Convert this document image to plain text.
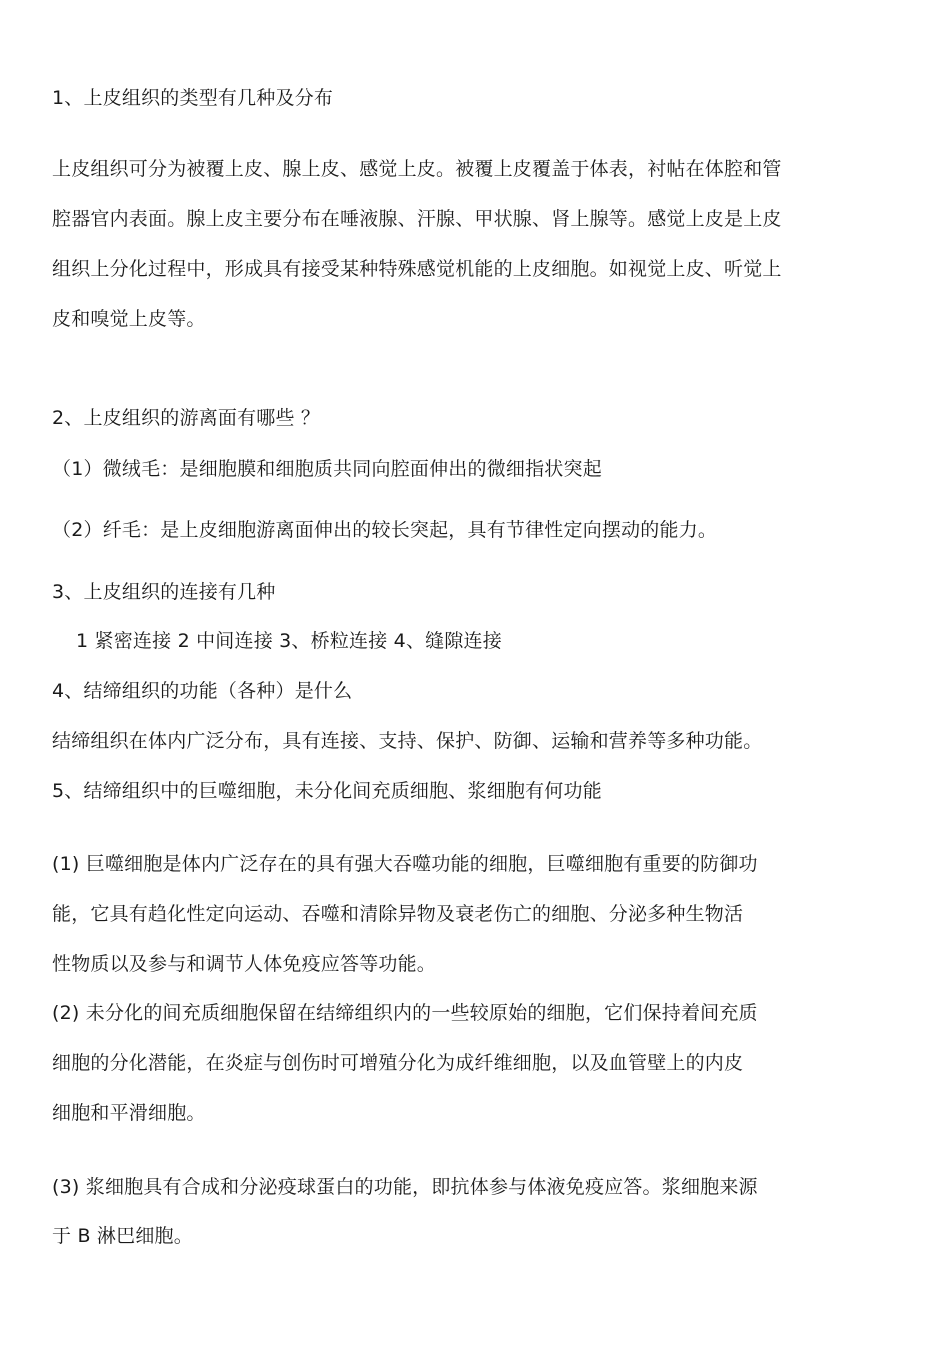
1、上皮组织的类型有几种及分布
上皮组织可分为被覆上皮、腺上皮、感觉上皮。被覆上皮覆盖于体表，衬帖在体腔和管
腔器官内表面。腺上皮主要分布在唾液腺、汗腺、甲状腺、肾上腺等。感觉上皮是上皮
组织上分化过程中，形成具有接受某种特殊感觉机能的上皮细胞。如视觉上皮、听觉上
皮和嗅觉上皮等。
2、上皮组织的游离面有哪些 ？
（1）微绒毛：是细胞膜和细胞质共同向腔面伸出的微细指状突起
（2）纤毛：是上皮细胞游离面伸出的较长突起，具有节律性定向摆动的能力。
3、上皮组织的连接有几种
1 紧密连接 2 中间连接 3、桥粒连接 4、缝隙连接
4、结缔组织的功能（各种）是什么
结缔组织在体内广泛分布，具有连接、支持、保护、防御、运输和营养等多种功能。
5、结缔组织中的巨噬细胞，未分化间充质细胞、浆细胞有何功能
(1) 巨噬细胞是体内广泛存在的具有强大吞噬功能的细胞，巨噬细胞有重要的防御功
能，它具有趋化性定向运动、吞噬和清除异物及衰老伤亡的细胞、分泌多种生物活
性物质以及参与和调节人体免疫应答等功能。
(2) 未分化的间充质细胞保留在结缔组织内的一些较原始的细胞，它们保持着间充质
细胞的分化潜能，在炎症与创伤时可增殖分化为成纤维细胞，以及血管壁上的内皮
细胞和平滑细胞。
(3) 浆细胞具有合成和分泌疫球蛋白的功能，即抗体参与体液免疫应答。浆细胞来源
于 B 淋巴细胞。
